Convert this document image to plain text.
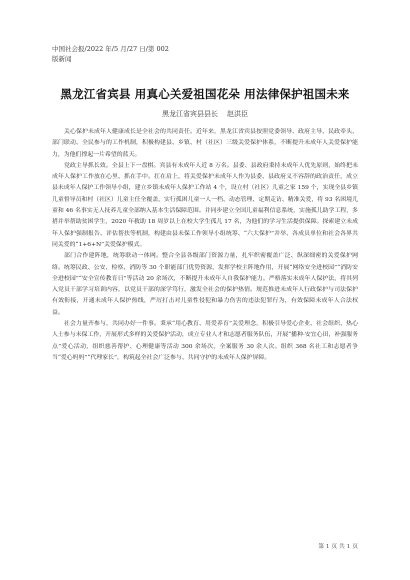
中国社会报/2022 年/5 月/27 日/第 002
版新闻
黑龙江省宾县 用真心关爱祖国花朵 用法律保护祖国未来
黑龙江省宾县县长    赵洪臣

关心保护未成年人健康成长是全社会的共同责任。近年来，黑龙江省宾县按照党委领导、政府主导、民政牵头、部门联动、全民参与的工作机制，积极构建县、乡镇、村（社区）三级关爱保护体系，不断提升未成年人关爱保护能力，为他们撑起一片希望的蓝天。

党政主导抓长效。全县上下一盘棋。宾县有未成年人近 8 万名。县委、县政府秉持未成年人优先原则，始终把未成年人保护工作放在心里、抓在手中。扛在肩上，将关爱保护未成年人作为县委、县政府义不容辞的政治责任，成立县未成年人保护工作领导小组，建立乡镇未成年人保护工作站 4 个，设立村（社区）儿童之家 159 个，实现全县乡镇儿童督导员和村（社区）儿童主任全覆盖，实行孤困儿童一人一档、动态管理、定期走访、精准关爱，将 93 名困境儿童和 46 名事实无人抚养儿童全部纳入基本生活保障范围。并同步建立全国儿童福利信息系统，实施孤儿助学工程，多措并举帮助贫困学生，2020 年救助 18 周岁以上在校大学生孤儿 17 名，为他们的学习生活提供保障。探索建立未成年人保护强制报告、评估帮扶等机制，构建由县未保工作领导小组统筹、“六大保护”并举、各成员单位和社会各界共同关爱的“1+6+N”关爱保护模式。

部门合作建阵地，统筹联动一体网。整合全县各级部门资源力量，扎牢织密覆盖广泛、纵深细密的关爱保护网络。统筹民政、公安、检察、消防等 30 个职能部门优势资源，发挥学校主阵地作用，开展“网络安全进校园”“消防安全进校园”“安全宣传教育日”等活动 20 余场次，不断提升未成年人自我保护能力。严格落实未成年人保护法，将其列入党员干部学习培训内容，以党员干部的深学笃行，激发全社会的保护热情。规范推进未成年人行政保护与司法保护有效衔接，开通未成年人保护热线，严厉打击对儿童性侵犯和暴力伤害的违法犯罪行为，有效保障未成年人合法权益。

社会力量齐参与，共同办好一件事。秉承“用心教育、用爱养育”关爱理念，积极引导爱心企业、社会组织、热心人士参与未保工作，开展形式多样的关爱保护活动，成立专业人才和志愿者服务队伍，开展“播种·安宜心田，补强服务点”爱心活动，组织慈善帮护、心理健康等活动 300 余场次，全案服务 30 余人次。组织 368 名社工和志愿者争当“爱心妈妈”“代理家长”，构筑起全社会广泛参与、共同守护的未成年人保护屏障。

第 1 页 共 1 页
